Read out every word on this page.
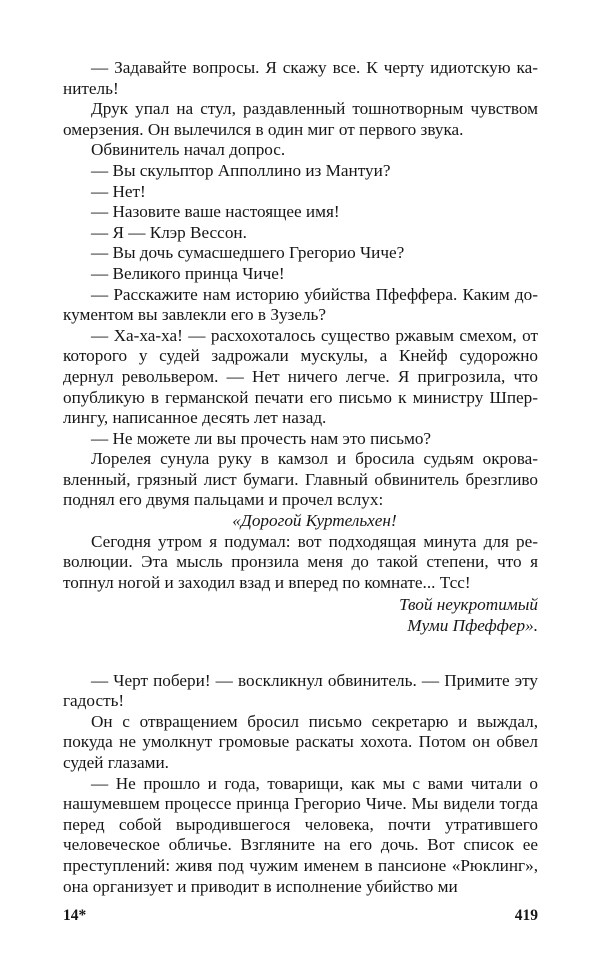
— Задавайте вопросы. Я скажу все. К черту идиотскую канитель!

Друк упал на стул, раздавленный тошнотворным чувством омерзения. Он вылечился в один миг от первого звука.

Обвинитель начал допрос.

— Вы скульптор Апполлино из Мантуи?

— Нет!

— Назовите ваше настоящее имя!

— Я — Клэр Вессон.

— Вы дочь сумасшедшего Грегорио Чиче?

— Великого принца Чиче!

— Расскажите нам историю убийства Пфеффера. Каким документом вы завлекли его в Зузель?

— Ха-ха-ха! — расхохоталось существо ржавым смехом, от которого у судей задрожали мускулы, а Кнейф судорожно дернул револьвером. — Нет ничего легче. Я пригрозила, что опубликую в германской печати его письмо к министру Шперлингу, написанное десять лет назад.

— Не можете ли вы прочесть нам это письмо?

Лорелея сунула руку в камзол и бросила судьям окровавленный, грязный лист бумаги. Главный обвинитель брезгливо поднял его двумя пальцами и прочел вслух:

«Дорогой Куртельхен!

Сегодня утром я подумал: вот подходящая минута для революции. Эта мысль пронзила меня до такой степени, что я топнул ногой и заходил взад и вперед по комнате... Тсс!

Твой неукротимый
Муми Пфеффер».

— Черт побери! — воскликнул обвинитель. — Примите эту гадость!

Он с отвращением бросил письмо секретарю и выждал, покуда не умолкнут громовые раскаты хохота. Потом он обвел судей глазами.

— Не прошло и года, товарищи, как мы с вами читали о нашумевшем процессе принца Грегорио Чиче. Мы видели тогда перед собой выродившегося человека, почти утратившего человеческое обличье. Взгляните на его дочь. Вот список ее преступлений: живя под чужим именем в пансионе «Рюклинг», она организует и приводит в исполнение убийство ми

14*	419
